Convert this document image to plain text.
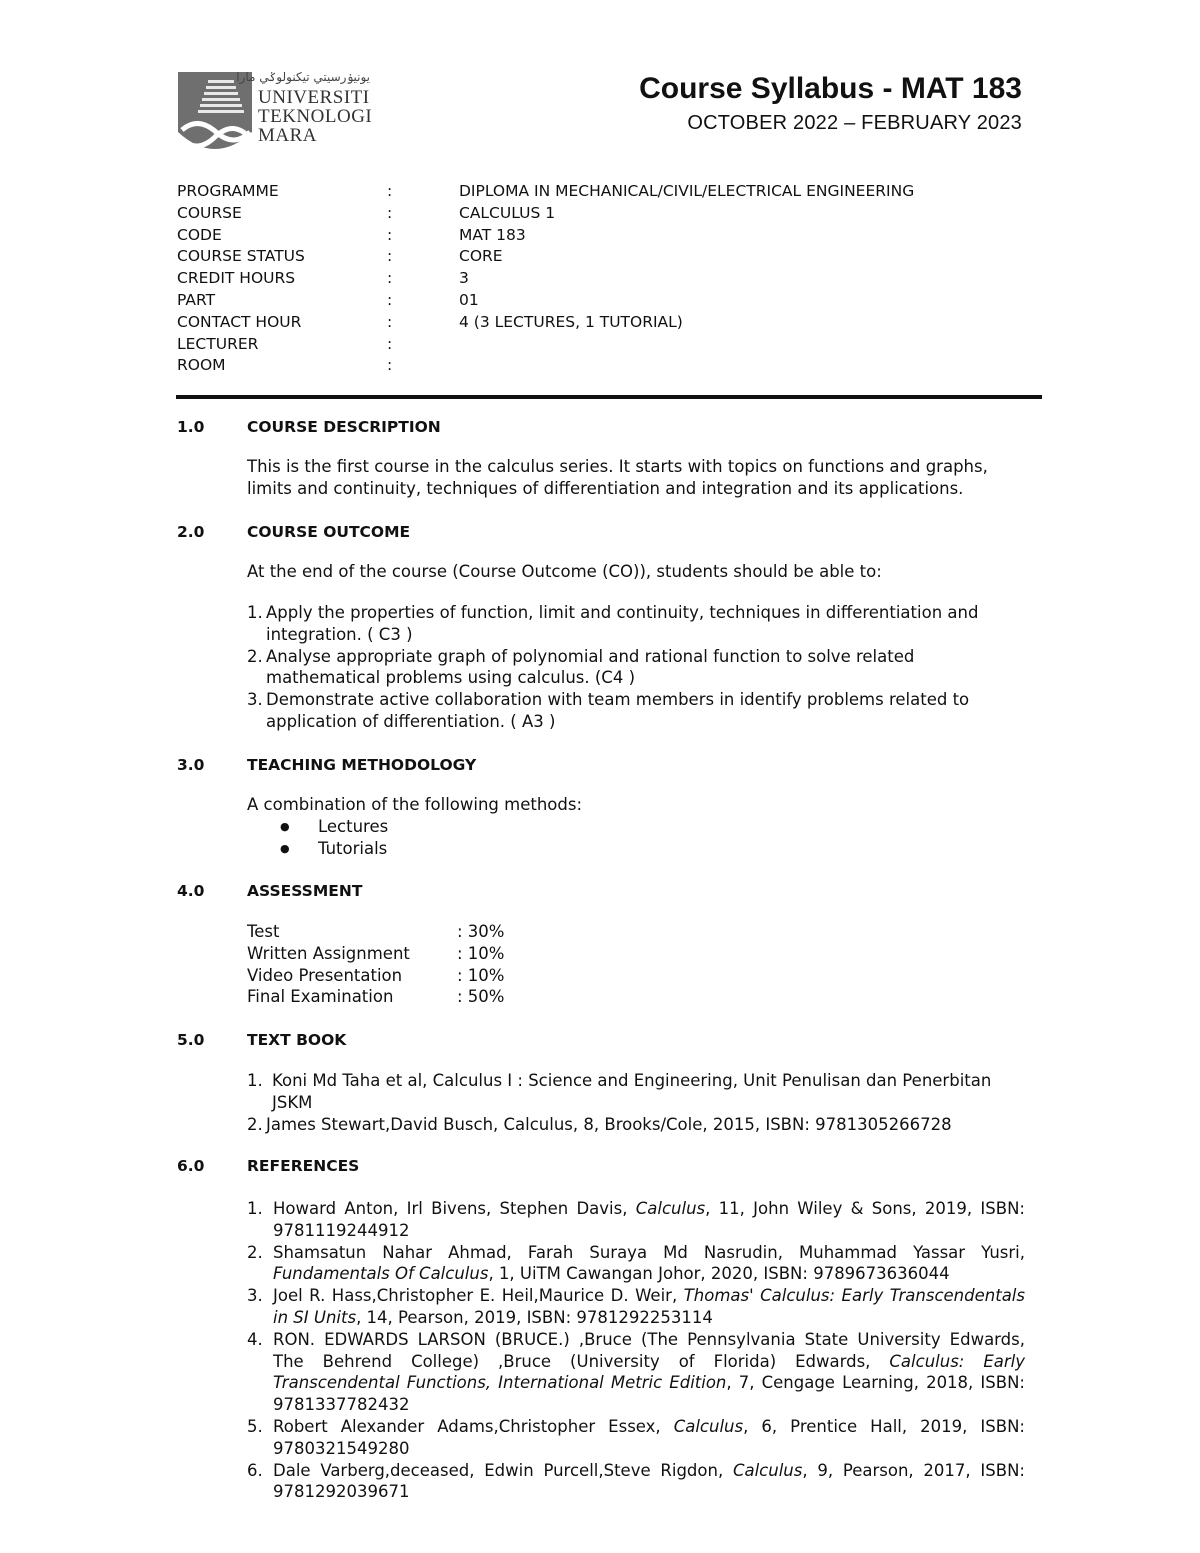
يونيۏرسيتي تيكنولوݢي مارا
UNIVERSITI
TEKNOLOGI
MARA
Course Syllabus - MAT 183
OCTOBER 2022 – FEBRUARY 2023
PROGRAMME	:	DIPLOMA IN MECHANICAL/CIVIL/ELECTRICAL ENGINEERING
COURSE	:	CALCULUS 1
CODE	:	MAT 183
COURSE STATUS	:	CORE
CREDIT HOURS	:	3
PART	:	01
CONTACT HOUR	:	4 (3 LECTURES, 1 TUTORIAL)
LECTURER	:
ROOM	:
1.0	COURSE DESCRIPTION
This is the first course in the calculus series. It starts with topics on functions and graphs, limits and continuity, techniques of differentiation and integration and its applications.
2.0	COURSE OUTCOME
At the end of the course (Course Outcome (CO)), students should be able to:
1. Apply the properties of function, limit and continuity, techniques in differentiation and integration. ( C3 )
2. Analyse appropriate graph of polynomial and rational function to solve related mathematical problems using calculus. (C4 )
3. Demonstrate active collaboration with team members in identify problems related to application of differentiation. ( A3 )
3.0	TEACHING METHODOLOGY
A combination of the following methods:
● Lectures
● Tutorials
4.0	ASSESSMENT
Test	: 30%
Written Assignment	: 10%
Video Presentation	: 10%
Final Examination	: 50%
5.0	TEXT BOOK
1. Koni Md Taha et al, Calculus I : Science and Engineering, Unit Penulisan dan Penerbitan JSKM
2. James Stewart,David Busch, Calculus, 8, Brooks/Cole, 2015, ISBN: 9781305266728
6.0	REFERENCES
1. Howard Anton, Irl Bivens, Stephen Davis, Calculus, 11, John Wiley & Sons, 2019, ISBN: 9781119244912
2. Shamsatun Nahar Ahmad, Farah Suraya Md Nasrudin, Muhammad Yassar Yusri, Fundamentals Of Calculus, 1, UiTM Cawangan Johor, 2020, ISBN: 9789673636044
3. Joel R. Hass,Christopher E. Heil,Maurice D. Weir, Thomas' Calculus: Early Transcendentals in SI Units, 14, Pearson, 2019, ISBN: 9781292253114
4. RON. EDWARDS LARSON (BRUCE.) ,Bruce (The Pennsylvania State University Edwards, The Behrend College) ,Bruce (University of Florida) Edwards, Calculus: Early Transcendental Functions, International Metric Edition, 7, Cengage Learning, 2018, ISBN: 9781337782432
5. Robert Alexander Adams,Christopher Essex, Calculus, 6, Prentice Hall, 2019, ISBN: 9780321549280
6. Dale Varberg,deceased, Edwin Purcell,Steve Rigdon, Calculus, 9, Pearson, 2017, ISBN: 9781292039671
